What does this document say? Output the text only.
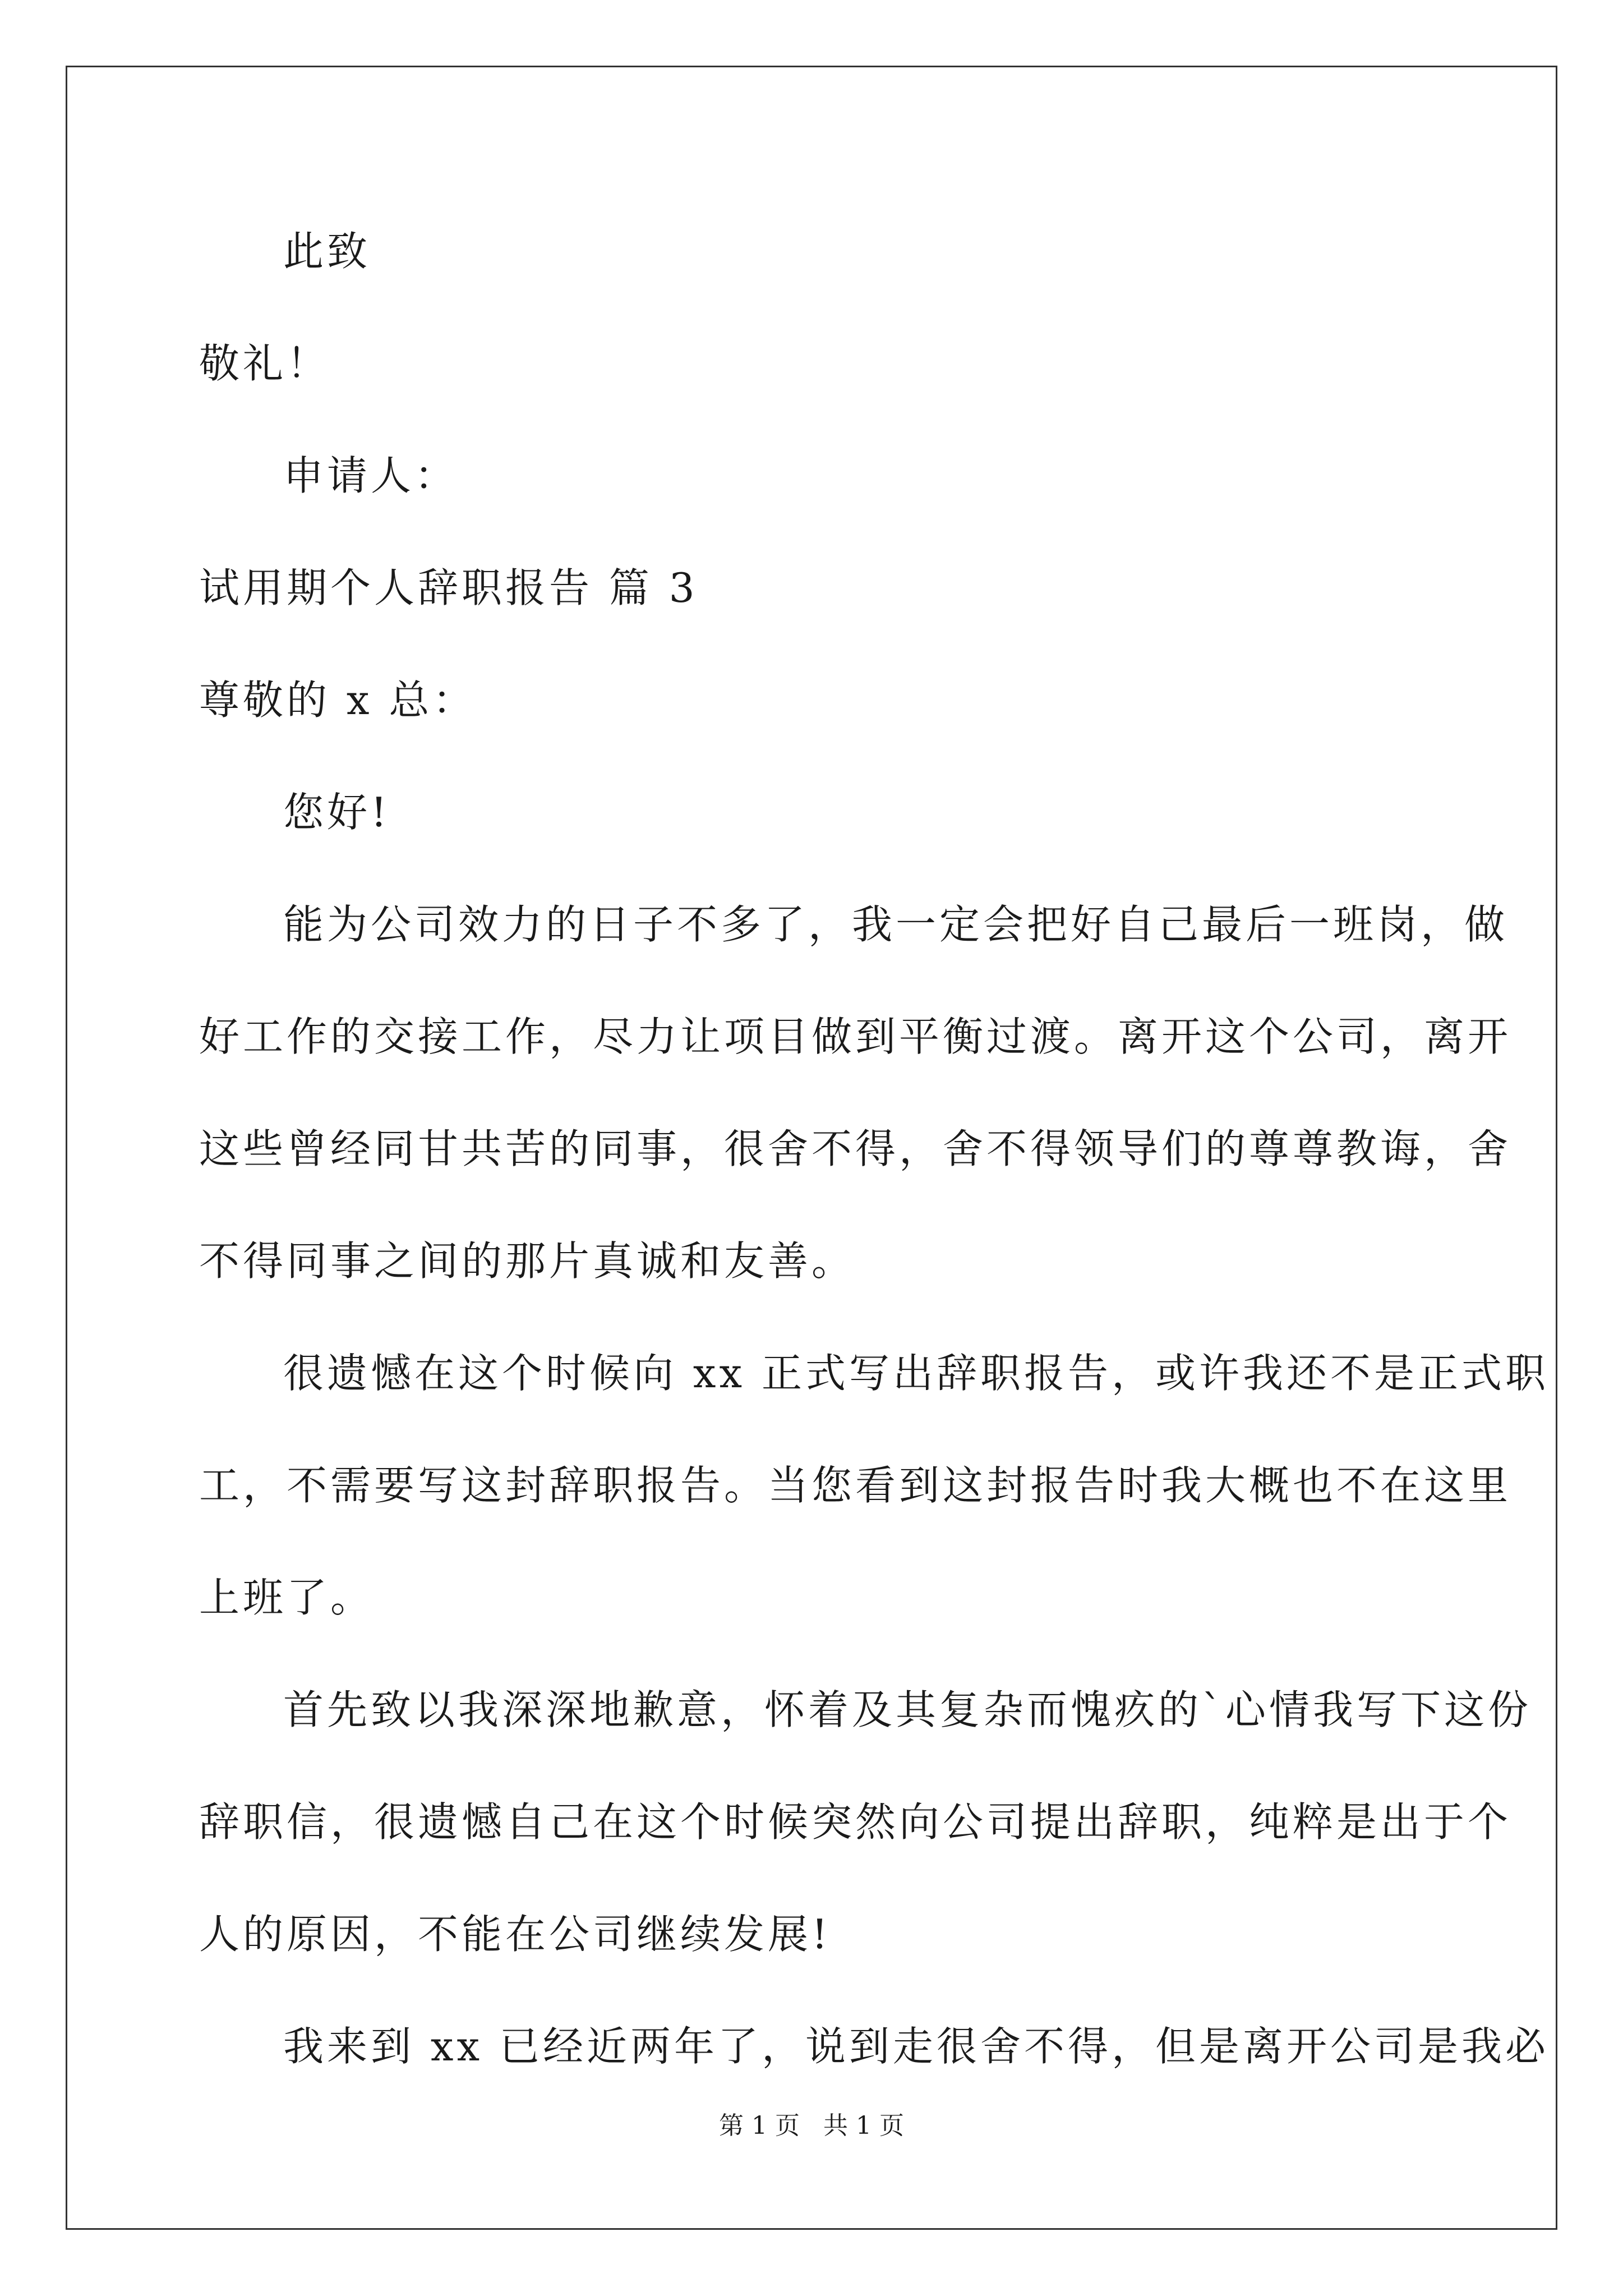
此致
敬礼！
申请人：
试用期个人辞职报告 篇 3
尊敬的 x 总：
您好!
能为公司效力的日子不多了，我一定会把好自己最后一班岗，做
好工作的交接工作，尽力让项目做到平衡过渡。离开这个公司，离开
这些曾经同甘共苦的同事，很舍不得，舍不得领导们的尊尊教诲，舍
不得同事之间的那片真诚和友善。
很遗憾在这个时候向 xx 正式写出辞职报告，或许我还不是正式职
工，不需要写这封辞职报告。当您看到这封报告时我大概也不在这里
上班了。
首先致以我深深地歉意，怀着及其复杂而愧疚的`心情我写下这份
辞职信，很遗憾自己在这个时候突然向公司提出辞职，纯粹是出于个
人的原因，不能在公司继续发展!
我来到 xx 已经近两年了，说到走很舍不得，但是离开公司是我必
第 1 页 共 1 页
